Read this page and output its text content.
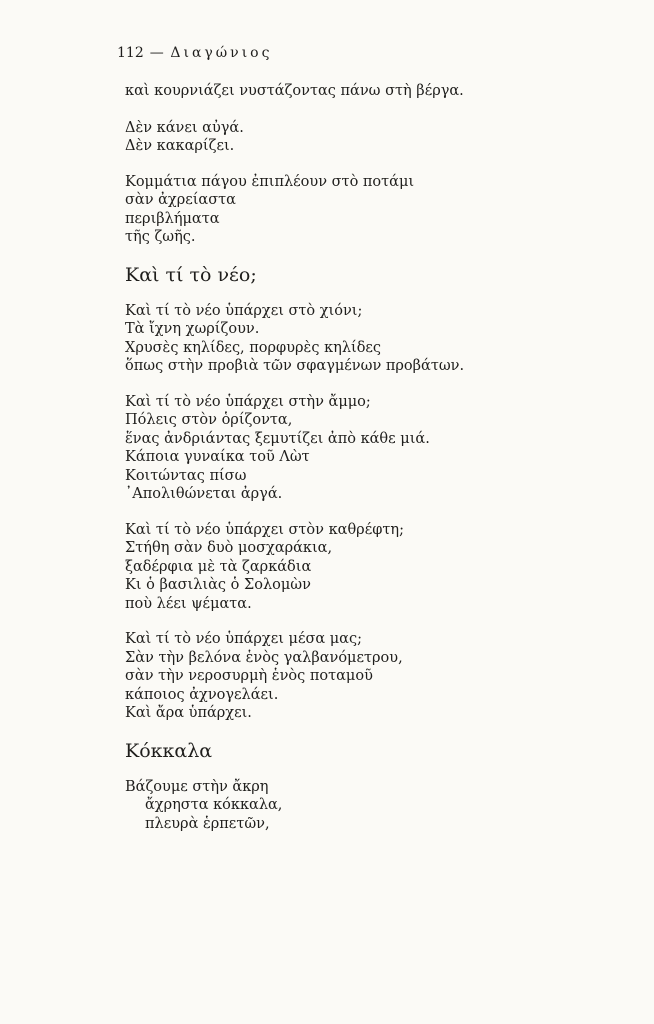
112 — Διαγώνιος
καὶ κουρνιάζει νυστάζοντας πάνω στὴ βέργα.
Δὲν κάνει αὐγά.
Δὲν κακαρίζει.
Κομμάτια πάγου ἐπιπλέουν στὸ ποτάμι
σὰν ἀχρείαστα
περιβλήματα
τῆς ζωῆς.
Καὶ τί τὸ νέο;
Καὶ τί τὸ νέο ὑπάρχει στὸ χιόνι;
Τὰ ἴχνη χωρίζουν.
Χρυσὲς κηλίδες, πορφυρὲς κηλίδες
ὅπως στὴν προβιὰ τῶν σφαγμένων προβάτων.
Καὶ τί τὸ νέο ὑπάρχει στὴν ἄμμο;
Πόλεις στὸν ὁρίζοντα,
ἕνας ἀνδριάντας ξεμυτίζει ἀπὸ κάθε μιά.
Κάποια γυναίκα τοῦ Λὼτ
Κοιτώντας πίσω
᾿Απολιθώνεται ἀργά.
Καὶ τί τὸ νέο ὑπάρχει στὸν καθρέφτη;
Στήθη σὰν δυὸ μοσχαράκια,
ξαδέρφια μὲ τὰ ζαρκάδια
Κι ὁ βασιλιὰς ὁ Σολομὼν
ποὺ λέει ψέματα.
Καὶ τί τὸ νέο ὑπάρχει μέσα μας;
Σὰν τὴν βελόνα ἑνὸς γαλβανόμετρου,
σὰν τὴν νεροσυρμὴ ἑνὸς ποταμοῦ
κάποιος ἀχνογελάει.
Καὶ ἄρα ὑπάρχει.
Κόκκαλα
Βάζουμε στὴν ἄκρη
ἄχρηστα κόκκαλα,
πλευρὰ ἑρπετῶν,
